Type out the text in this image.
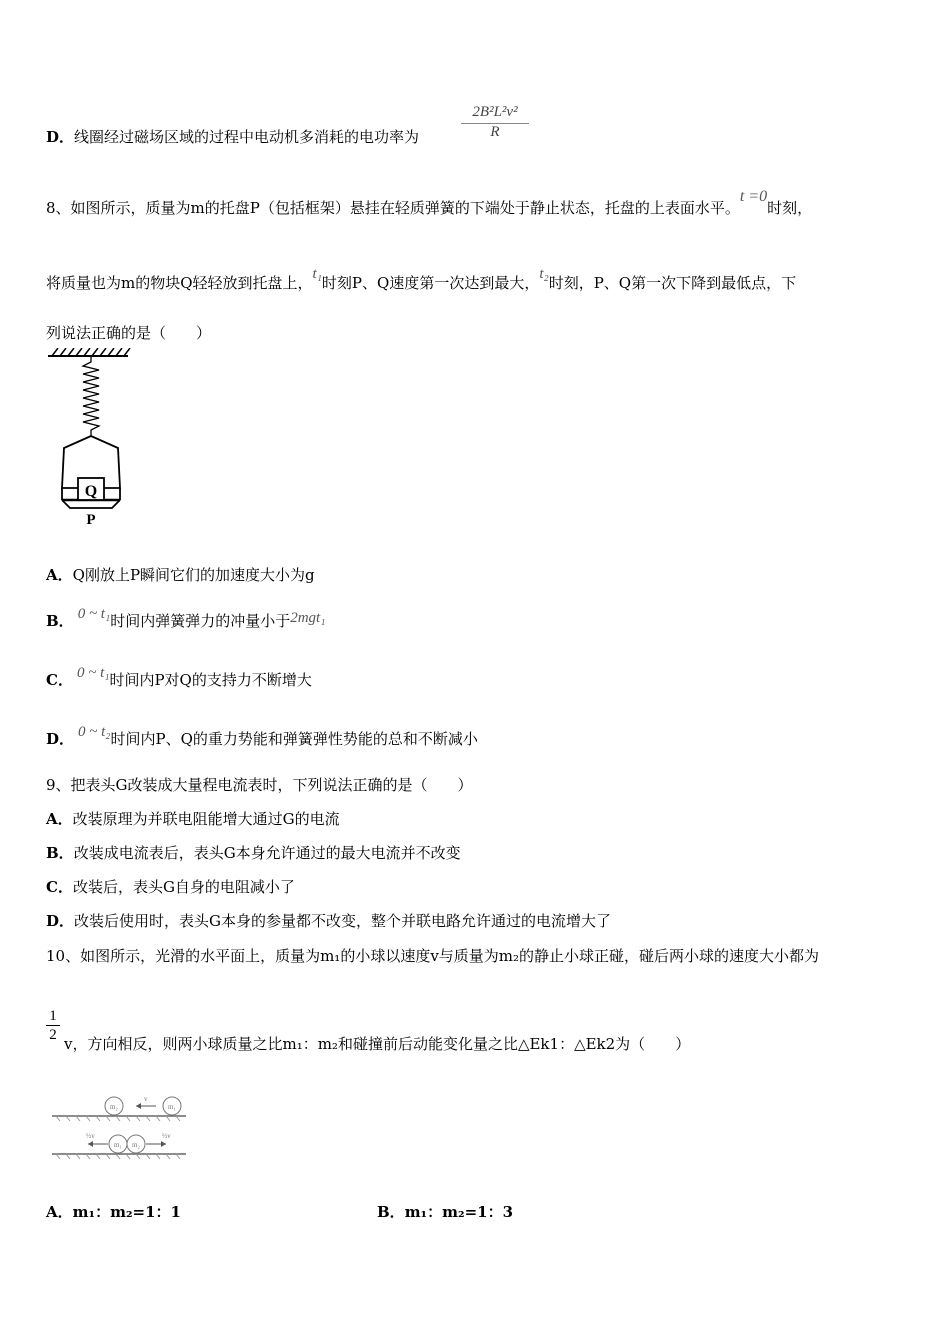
D．线圈经过磁场区域的过程中电动机多消耗的电功率为	$\frac{\text{2B²L²v²}}{R}$
8、如图所示，质量为m的托盘P（包括框架）悬挂在轻质弹簧的下端处于静止状态，托盘的上表面水平。t =0时刻，
将质量也为m的物块Q轻轻放到托盘上，t₁时刻P、Q速度第一次达到最大，t₂时刻，P、Q第一次下降到最低点，下
列说法正确的是（　　）
Q
P
A．Q刚放上P瞬间它们的加速度大小为g
B． 0 ~ t₁时间内弹簧弹力的冲量小于2mgt₁
C． 0 ~ t₁时间内P对Q的支持力不断增大
D． 0 ~ t₂时间内P、Q的重力势能和弹簧弹性势能的总和不断减小
9、把表头G改装成大量程电流表时，下列说法正确的是（　　）
A．改装原理为并联电阻能增大通过G的电流
B．改装成电流表后，表头G本身允许通过的最大电流并不改变
C．改装后，表头G自身的电阻减小了
D．改装后使用时，表头G本身的参量都不改变，整个并联电路允许通过的电流增大了
10、如图所示，光滑的水平面上，质量为m₁的小球以速度v与质量为m₂的静止小球正碰，碰后两小球的速度大小都为
$\frac{1}{2}$ v，方向相反，则两小球质量之比m₁：m₂和碰撞前后动能变化量之比△Ek1：△Ek2为（　　）
m₂	m₁
v
m₁ m₂
½v	½v
A．m₁：m₂=1：1	B．m₁：m₂=1：3
